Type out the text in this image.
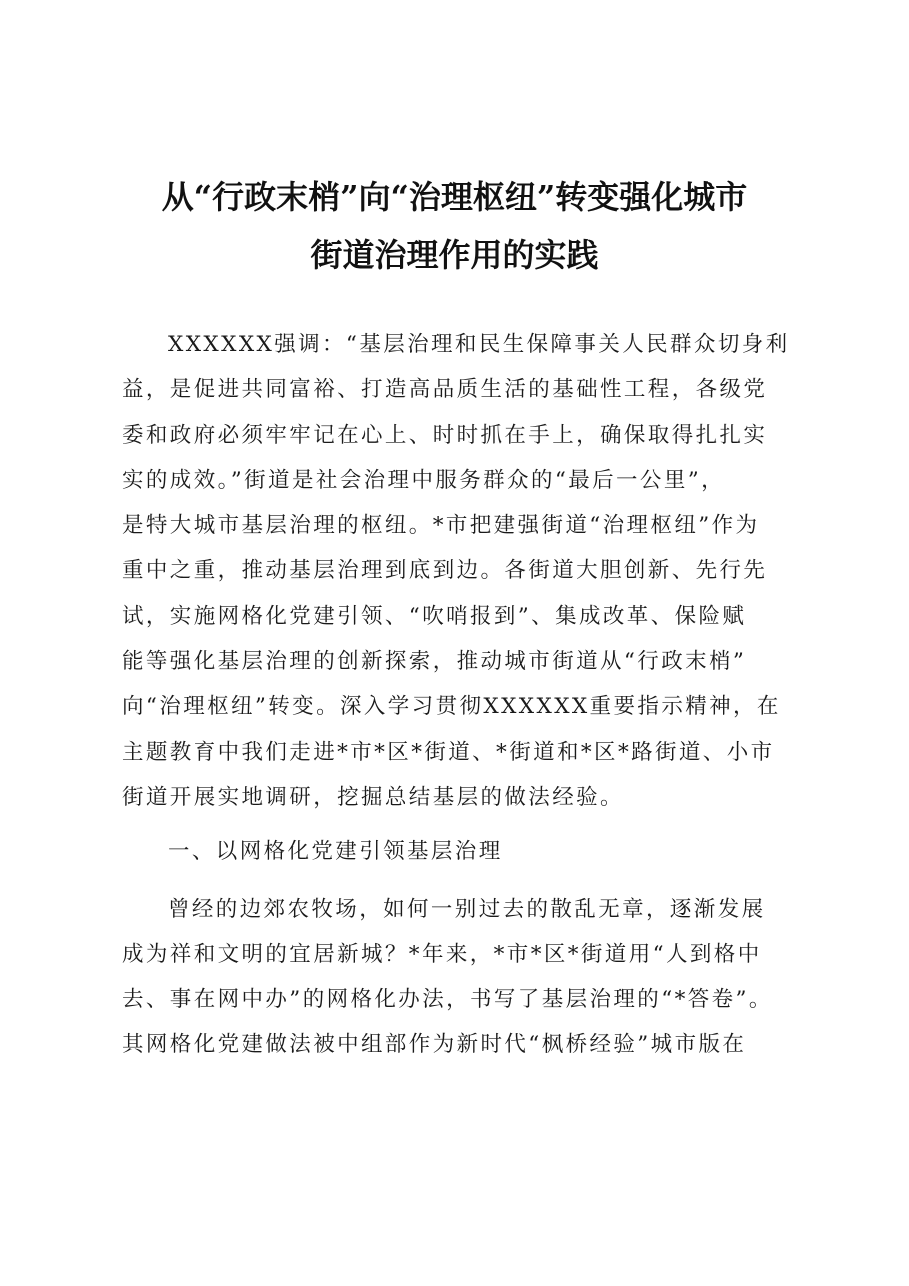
从“行政末梢”向“治理枢纽”转变强化城市
街道治理作用的实践
XXXXXX强调：“基层治理和民生保障事关人民群众切身利
益，是促进共同富裕、打造高品质生活的基础性工程，各级党
委和政府必须牢牢记在心上、时时抓在手上，确保取得扎扎实
实的成效。”街道是社会治理中服务群众的“最后一公里”，
是特大城市基层治理的枢纽。*市把建强街道“治理枢纽”作为
重中之重，推动基层治理到底到边。各街道大胆创新、先行先
试，实施网格化党建引领、“吹哨报到”、集成改革、保险赋
能等强化基层治理的创新探索，推动城市街道从“行政末梢”
向“治理枢纽”转变。深入学习贯彻XXXXXX重要指示精神，在
主题教育中我们走进*市*区*街道、*街道和*区*路街道、小市
街道开展实地调研，挖掘总结基层的做法经验。
一、以网格化党建引领基层治理
曾经的边郊农牧场，如何一别过去的散乱无章，逐渐发展
成为祥和文明的宜居新城？*年来，*市*区*街道用“人到格中
去、事在网中办”的网格化办法，书写了基层治理的“*答卷”。
其网格化党建做法被中组部作为新时代“枫桥经验”城市版在
